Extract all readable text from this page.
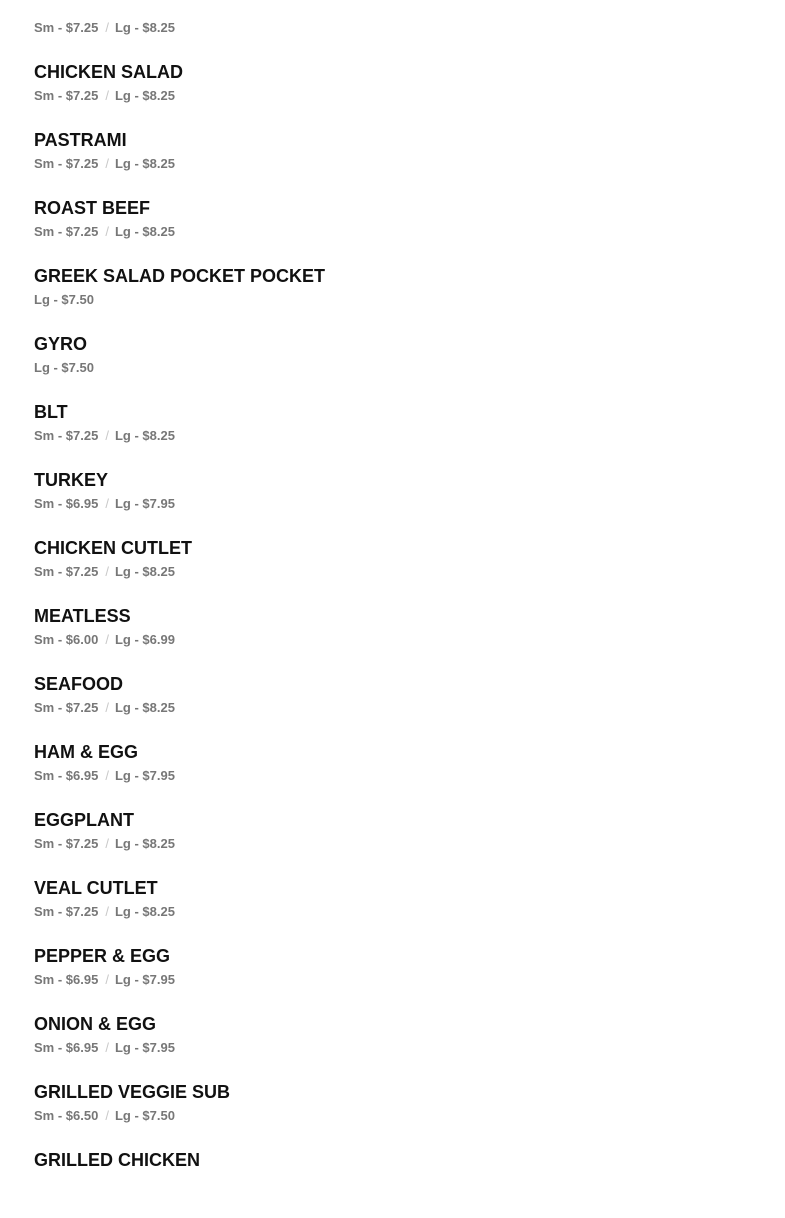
Sm - $7.25 / Lg - $8.25
CHICKEN SALAD
Sm - $7.25 / Lg - $8.25
PASTRAMI
Sm - $7.25 / Lg - $8.25
ROAST BEEF
Sm - $7.25 / Lg - $8.25
GREEK SALAD POCKET POCKET
Lg - $7.50
GYRO
Lg - $7.50
BLT
Sm - $7.25 / Lg - $8.25
TURKEY
Sm - $6.95 / Lg - $7.95
CHICKEN CUTLET
Sm - $7.25 / Lg - $8.25
MEATLESS
Sm - $6.00 / Lg - $6.99
SEAFOOD
Sm - $7.25 / Lg - $8.25
HAM & EGG
Sm - $6.95 / Lg - $7.95
EGGPLANT
Sm - $7.25 / Lg - $8.25
VEAL CUTLET
Sm - $7.25 / Lg - $8.25
PEPPER & EGG
Sm - $6.95 / Lg - $7.95
ONION & EGG
Sm - $6.95 / Lg - $7.95
GRILLED VEGGIE SUB
Sm - $6.50 / Lg - $7.50
GRILLED CHICKEN
